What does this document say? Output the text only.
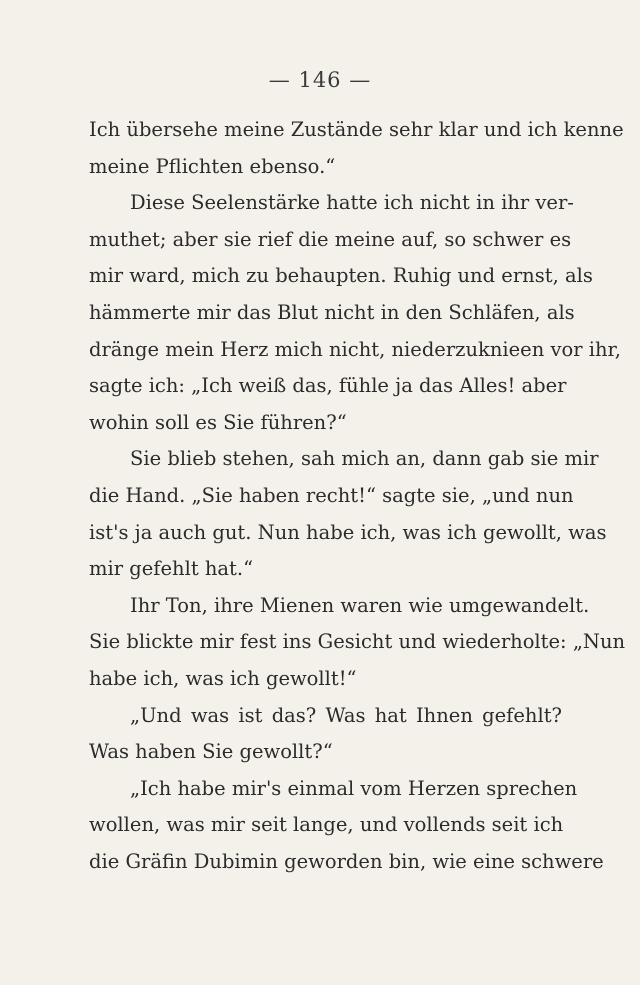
— 146 —
Ich übersehe meine Zustände sehr klar und ich kenne
meine Pflichten ebenso.“
Diese Seelenstärke hatte ich nicht in ihr ver-
muthet; aber sie rief die meine auf, so schwer es
mir ward, mich zu behaupten. Ruhig und ernst, als
hämmerte mir das Blut nicht in den Schläfen, als
dränge mein Herz mich nicht, niederzuknieen vor ihr,
sagte ich: „Ich weiß das, fühle ja das Alles! aber
wohin soll es Sie führen?“
Sie blieb stehen, sah mich an, dann gab sie mir
die Hand. „Sie haben recht!“ sagte sie, „und nun
ist's ja auch gut. Nun habe ich, was ich gewollt, was
mir gefehlt hat.“
Ihr Ton, ihre Mienen waren wie umgewandelt.
Sie blickte mir fest ins Gesicht und wiederholte: „Nun
habe ich, was ich gewollt!“
„Und was ist das? Was hat Ihnen gefehlt?
Was haben Sie gewollt?“
„Ich habe mir's einmal vom Herzen sprechen
wollen, was mir seit lange, und vollends seit ich
die Gräfin Dubimin geworden bin, wie eine schwere
